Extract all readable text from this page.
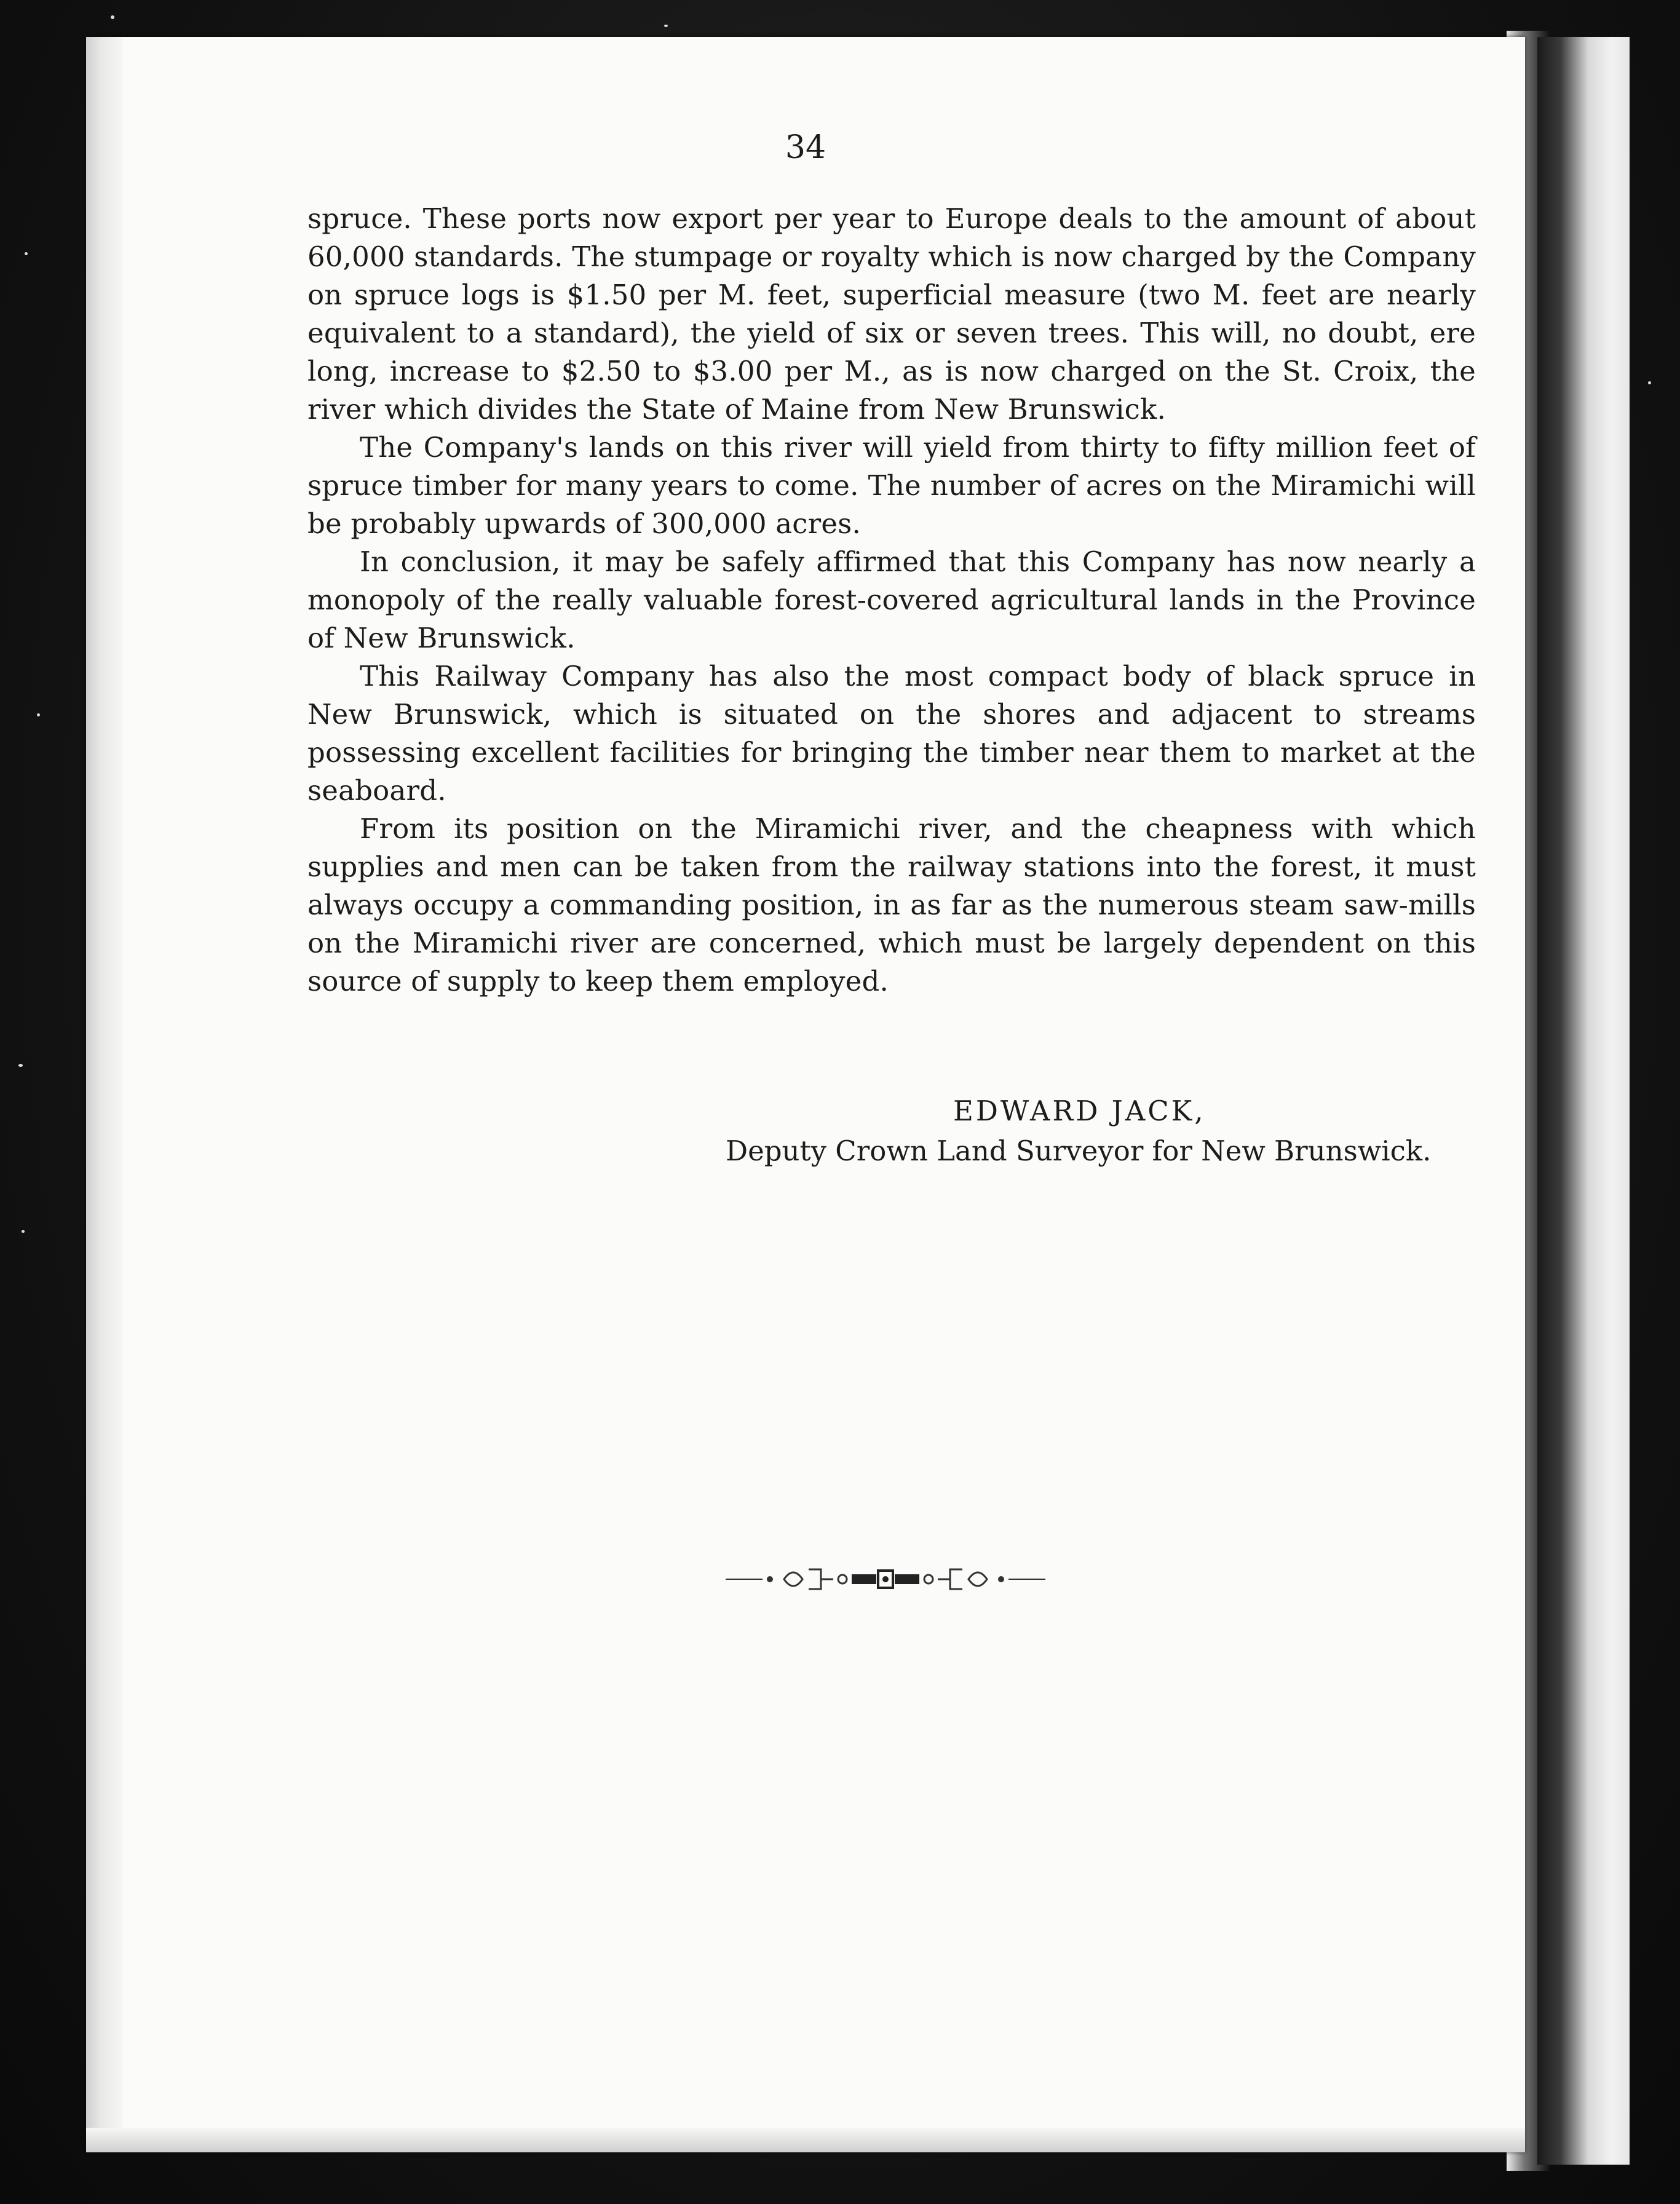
34

spruce. These ports now export per year to Europe deals to the amount of about 60,000 standards. The stumpage or royalty which is now charged by the Company on spruce logs is $1.50 per M. feet, superficial measure (two M. feet are nearly equivalent to a standard), the yield of six or seven trees. This will, no doubt, ere long, increase to $2.50 to $3.00 per M., as is now charged on the St. Croix, the river which divides the State of Maine from New Brunswick.

The Company's lands on this river will yield from thirty to fifty million feet of spruce timber for many years to come. The number of acres on the Miramichi will be probably upwards of 300,000 acres.

In conclusion, it may be safely affirmed that this Company has now nearly a monopoly of the really valuable forest-covered agricultural lands in the Province of New Brunswick.

This Railway Company has also the most compact body of black spruce in New Brunswick, which is situated on the shores and adjacent to streams possessing excellent facilities for bringing the timber near them to market at the seaboard.

From its position on the Miramichi river, and the cheapness with which supplies and men can be taken from the railway stations into the forest, it must always occupy a commanding position, in as far as the numerous steam saw-mills on the Miramichi river are concerned, which must be largely dependent on this source of supply to keep them employed.

EDWARD JACK,
Deputy Crown Land Surveyor for New Brunswick.
